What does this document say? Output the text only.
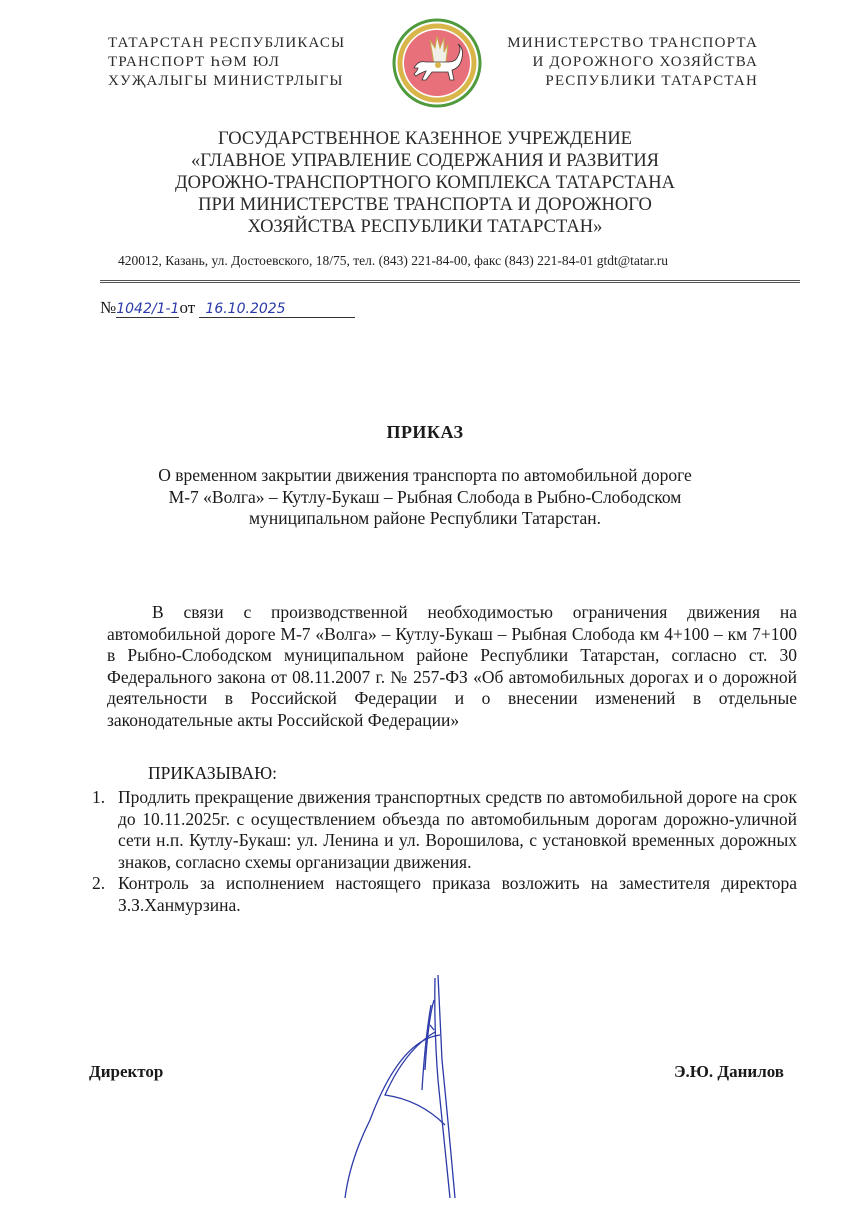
ТАТАРСТАН РЕСПУБЛИКАСЫ
ТРАНСПОРТ ҺӘМ ЮЛ
ХУҖАЛЫГЫ МИНИСТРЛЫГЫ
МИНИСТЕРСТВО ТРАНСПОРТА
И ДОРОЖНОГО ХОЗЯЙСТВА
РЕСПУБЛИКИ ТАТАРСТАН
ГОСУДАРСТВЕННОЕ КАЗЕННОЕ УЧРЕЖДЕНИЕ
«ГЛАВНОЕ УПРАВЛЕНИЕ СОДЕРЖАНИЯ И РАЗВИТИЯ
ДОРОЖНО-ТРАНСПОРТНОГО КОМПЛЕКСА ТАТАРСТАНА
ПРИ МИНИСТЕРСТВЕ ТРАНСПОРТА И ДОРОЖНОГО
ХОЗЯЙСТВА РЕСПУБЛИКИ ТАТАРСТАН»
420012, Казань, ул. Достоевского, 18/75, тел. (843) 221-84-00, факс (843) 221-84-01 gtdt@tatar.ru
№1042/1-1от 16.10.2025
ПРИКАЗ
О временном закрытии движения транспорта по автомобильной дороге
М-7 «Волга» – Кутлу-Букаш – Рыбная Слобода в Рыбно-Слободском
муниципальном районе Республики Татарстан.

В связи с производственной необходимостью ограничения движения на автомобильной дороге М-7 «Волга» – Кутлу-Букаш – Рыбная Слобода км 4+100 – км 7+100 в Рыбно-Слободском муниципальном районе Республики Татарстан, согласно ст. 30 Федерального закона от 08.11.2007 г. № 257-ФЗ «Об автомобильных дорогах и о дорожной деятельности в Российской Федерации и о внесении изменений в отдельные законодательные акты Российской Федерации»

ПРИКАЗЫВАЮ:
1. Продлить прекращение движения транспортных средств по автомобильной дороге на срок до 10.11.2025г. с осуществлением объезда по автомобильным дорогам дорожно-уличной сети н.п. Кутлу-Букаш: ул. Ленина и ул. Ворошилова, с установкой временных дорожных знаков, согласно схемы организации движения.
2. Контроль за исполнением настоящего приказа возложить на заместителя директора З.З.Ханмурзина.
Директор	Э.Ю. Данилов
